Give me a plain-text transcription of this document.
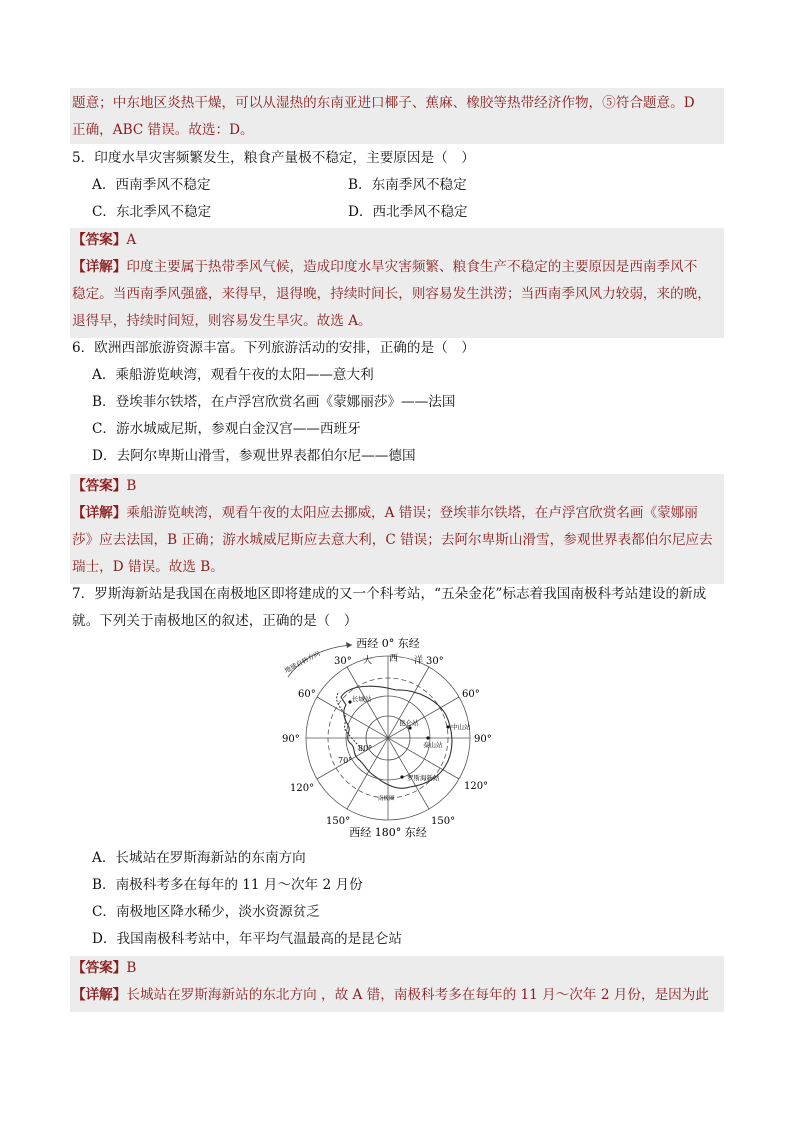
题意；中东地区炎热干燥，可以从湿热的东南亚进口椰子、蕉麻、橡胶等热带经济作物，⑤符合题意。D
正确，ABC 错误。故选：D。
5．印度水旱灾害频繁发生，粮食产量极不稳定，主要原因是（　）
A．西南季风不稳定	B．东南季风不稳定
C．东北季风不稳定	D．西北季风不稳定
【答案】A
【详解】印度主要属于热带季风气候，造成印度水旱灾害频繁、粮食生产不稳定的主要原因是西南季风不
稳定。当西南季风强盛，来得早，退得晚，持续时间长，则容易发生洪涝；当西南季风风力较弱，来的晚，
退得早，持续时间短，则容易发生旱灾。故选 A。
6．欧洲西部旅游资源丰富。下列旅游活动的安排，正确的是（　）
A．乘船游览峡湾，观看午夜的太阳——意大利
B．登埃菲尔铁塔，在卢浮宫欣赏名画《蒙娜丽莎》——法国
C．游水城威尼斯，参观白金汉宫——西班牙
D．去阿尔卑斯山滑雪，参观世界表都伯尔尼——德国
【答案】B
【详解】乘船游览峡湾，观看午夜的太阳应去挪威，A 错误；登埃菲尔铁塔，在卢浮宫欣赏名画《蒙娜丽
莎》应去法国，B 正确；游水城威尼斯应去意大利，C 错误；去阿尔卑斯山滑雪，参观世界表都伯尔尼应去
瑞士，D 错误。故选 B。
7．罗斯海新站是我国在南极地区即将建成的又一个科考站，“五朵金花”标志着我国南极科考站建设的新成
就。下列关于南极地区的叙述，正确的是（　）
西经 0° 东经
西经 180° 东经
地球自转方向	大 西 洋
30°	30°
60°	60°
90°	90°
120°	120°
150°	150°
70°
80°
长城站
昆仑站	中山站
泰山站
罗斯海新站
南极圈
A．长城站在罗斯海新站的东南方向
B．南极科考多在每年的 11 月～次年 2 月份
C．南极地区降水稀少，淡水资源贫乏
D．我国南极科考站中，年平均气温最高的是昆仑站
【答案】B
【详解】长城站在罗斯海新站的东北方向 ，故 A 错，南极科考多在每年的 11 月～次年 2 月份，是因为此
